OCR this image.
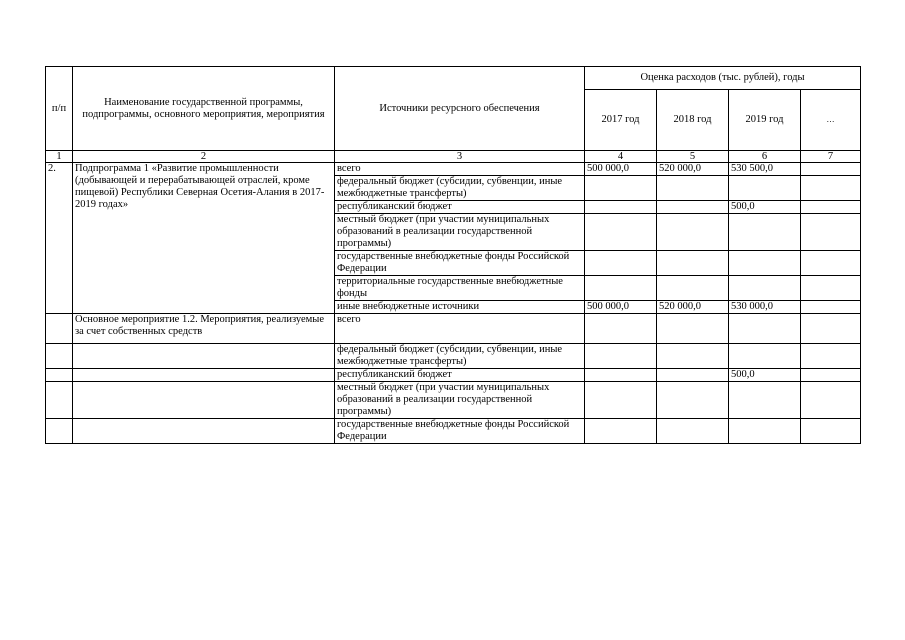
п/п	Наименование государственной программы, подпрограммы, основного мероприятия, мероприятия	Источники ресурсного обеспечения	Оценка расходов (тыс. рублей), годы			
			2017 год	2018 год	2019 год	…
1	2	3	4	5	6	7
2.	Подпрограмма 1 «Развитие промышленности (добывающей и перерабатывающей отраслей, кроме пищевой) Республики Северная Осетия-Алания в 2017-2019 годах»	всего	500 000,0	520 000,0	530 500,0	
		федеральный бюджет (субсидии, субвенции, иные межбюджетные трансферты)				
		республиканский бюджет			500,0	
		местный бюджет (при участии муниципальных образований в реализации государственной программы)				
		государственные внебюджетные фонды Российской Федерации				
		территориальные государственные внебюджетные фонды				
		иные внебюджетные источники	500 000,0	520 000,0	530 000,0	
	Основное мероприятие 1.2. Мероприятия, реализуемые за счет собственных средств	всего				
		федеральный бюджет (субсидии, субвенции, иные межбюджетные трансферты)				
		республиканский бюджет			500,0	
		местный бюджет (при участии муниципальных образований в реализации государственной программы)				
		государственные внебюджетные фонды Российской Федерации				
